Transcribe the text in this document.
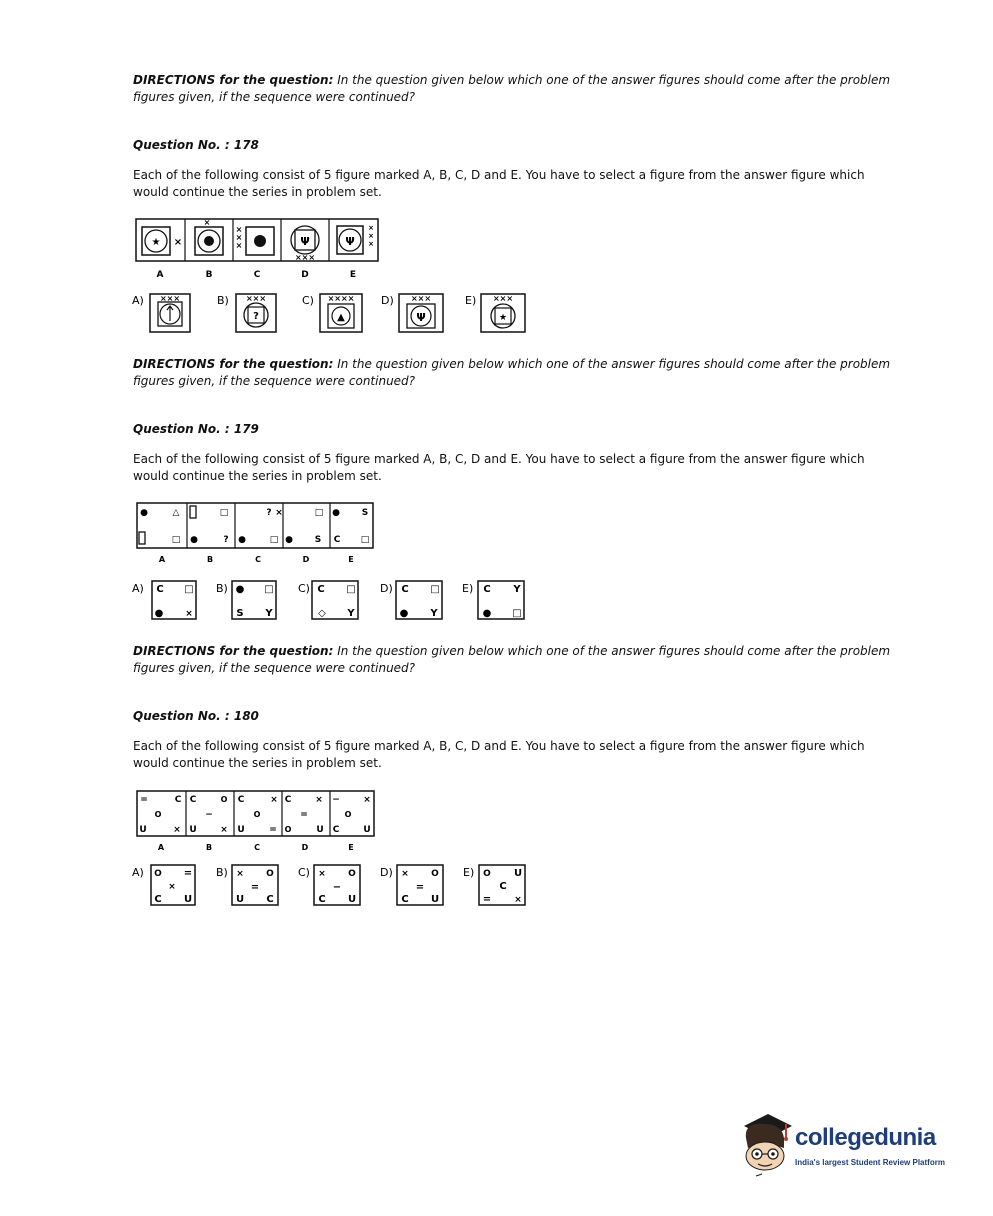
DIRECTIONS for the question: In the question given below which one of the answer figures should come after the problem figures given, if the sequence were continued?
Question No. : 178
Each of the following consist of 5 figure marked A, B, C, D and E. You have to select a figure from the answer figure which would continue the series in problem set.
★ ×
×
×
×
×	Ψ
×××
Ψ
×
×
×
A	B	C	D	E
A) ×××	B) ×××
?
C) ××××
▲
D) ×××
Ψ
E) ×××
★
DIRECTIONS for the question: In the question given below which one of the answer figures should come after the problem figures given, if the sequence were continued?
Question No. : 179
Each of the following consist of 5 figure marked A, B, C, D and E. You have to select a figure from the answer figure which would continue the series in problem set.
●	△
□
□
●	?
? ×
●	□
□
● S
● S
C □
A	B	C	D	E
A) C □
● ×
B) ● □
S Y
C) C □
◇ Y
D) C □
● Y
E) C Y
● □
DIRECTIONS for the question: In the question given below which one of the answer figures should come after the problem figures given, if the sequence were continued?
Question No. : 180
Each of the following consist of 5 figure marked A, B, C, D and E. You have to select a figure from the answer figure which would continue the series in problem set.
=	C
O
U	×
C	O
−
U	×
C	×
O
U	=
C	×
=
O	U
−	×
O
C	U
A	B	C	D	E
A) O =
×
C U
B) × O
=
U C
C) × O
−
C U
D) × O
=
C U
E) O U
C
=	×
collegedunia
India's largest Student Review Platform
